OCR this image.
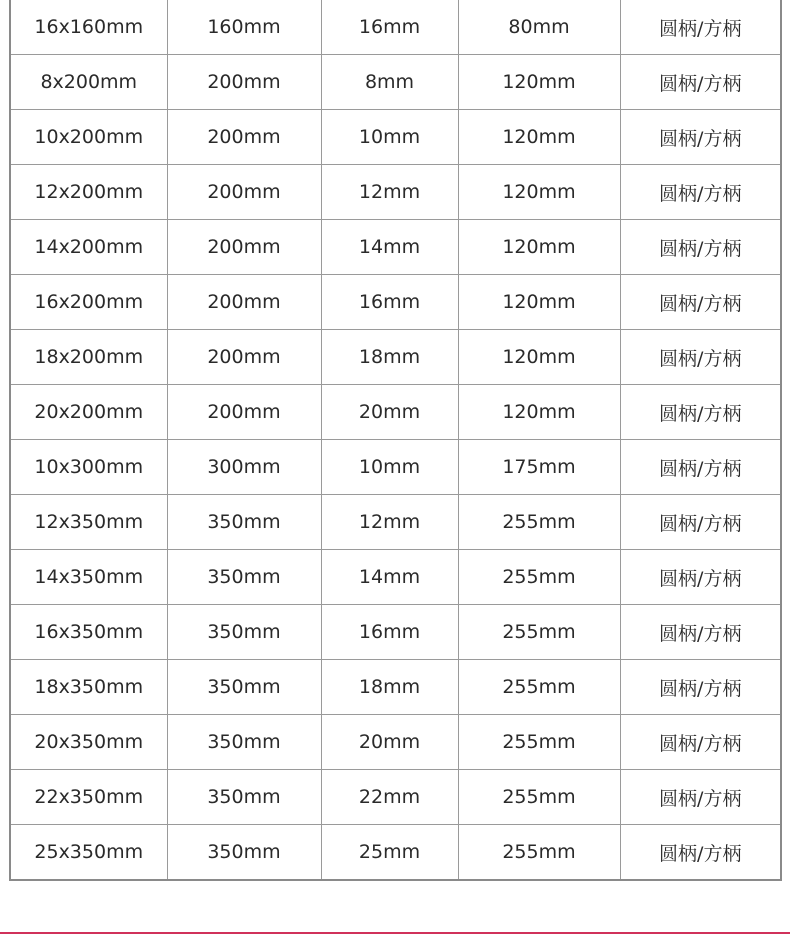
16x160mm	160mm	16mm	80mm	圆柄/方柄
8x200mm	200mm	8mm	120mm	圆柄/方柄
10x200mm	200mm	10mm	120mm	圆柄/方柄
12x200mm	200mm	12mm	120mm	圆柄/方柄
14x200mm	200mm	14mm	120mm	圆柄/方柄
16x200mm	200mm	16mm	120mm	圆柄/方柄
18x200mm	200mm	18mm	120mm	圆柄/方柄
20x200mm	200mm	20mm	120mm	圆柄/方柄
10x300mm	300mm	10mm	175mm	圆柄/方柄
12x350mm	350mm	12mm	255mm	圆柄/方柄
14x350mm	350mm	14mm	255mm	圆柄/方柄
16x350mm	350mm	16mm	255mm	圆柄/方柄
18x350mm	350mm	18mm	255mm	圆柄/方柄
20x350mm	350mm	20mm	255mm	圆柄/方柄
22x350mm	350mm	22mm	255mm	圆柄/方柄
25x350mm	350mm	25mm	255mm	圆柄/方柄
